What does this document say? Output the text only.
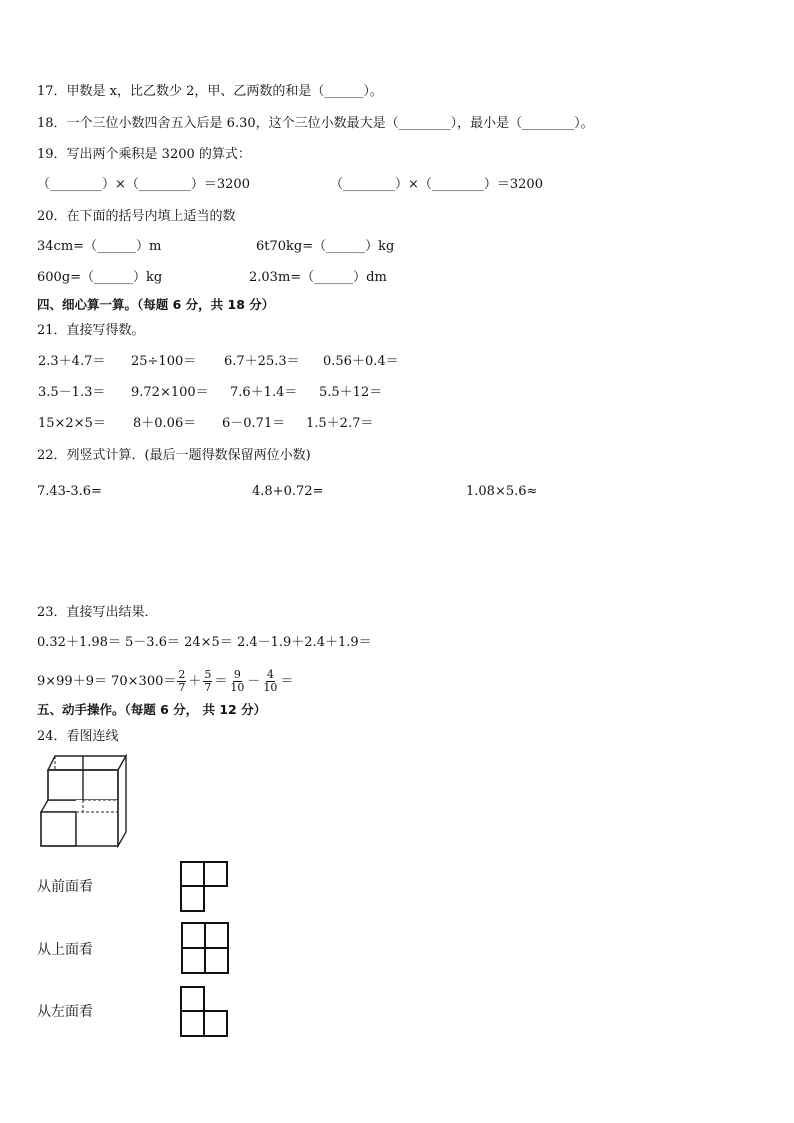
17．甲数是 x，比乙数少 2，甲、乙两数的和是（______）。
18．一个三位小数四舍五入后是 6.30，这个三位小数最大是（________），最小是（________）。
19．写出两个乘积是 3200 的算式：
（________）×（________）＝3200	（________）×（________）＝3200
20．在下面的括号内填上适当的数
34cm=（______）m	6t70kg=（______）kg
600g=（______）kg	2.03m=（______）dm
四、细心算一算。（每题 6 分，共 18 分）
21．直接写得数。
2.3＋4.7＝ 25÷100＝ 6.7＋25.3＝ 0.56＋0.4＝
3.5－1.3＝ 9.72×100＝ 7.6＋1.4＝ 5.5＋12＝
15×2×5＝ 8＋0.06＝ 6－0.71＝ 1.5＋2.7＝
22．列竖式计算．(最后一题得数保留两位小数)
7.43-3.6=	4.8+0.72=	1.08×5.6≈
23．直接写出结果．
0.32＋1.98＝ 5－3.6＝ 24×5＝ 2.4－1.9＋2.4＋1.9＝
$9\times 99+9= 70\times 300= \frac{2}{7} + \frac{5}{7} = \frac{9}{10} - \frac{4}{10}$ ＝
五、动手操作。（每题 6 分， 共 12 分）
24．看图连线
从前面看
从上面看
从左面看
